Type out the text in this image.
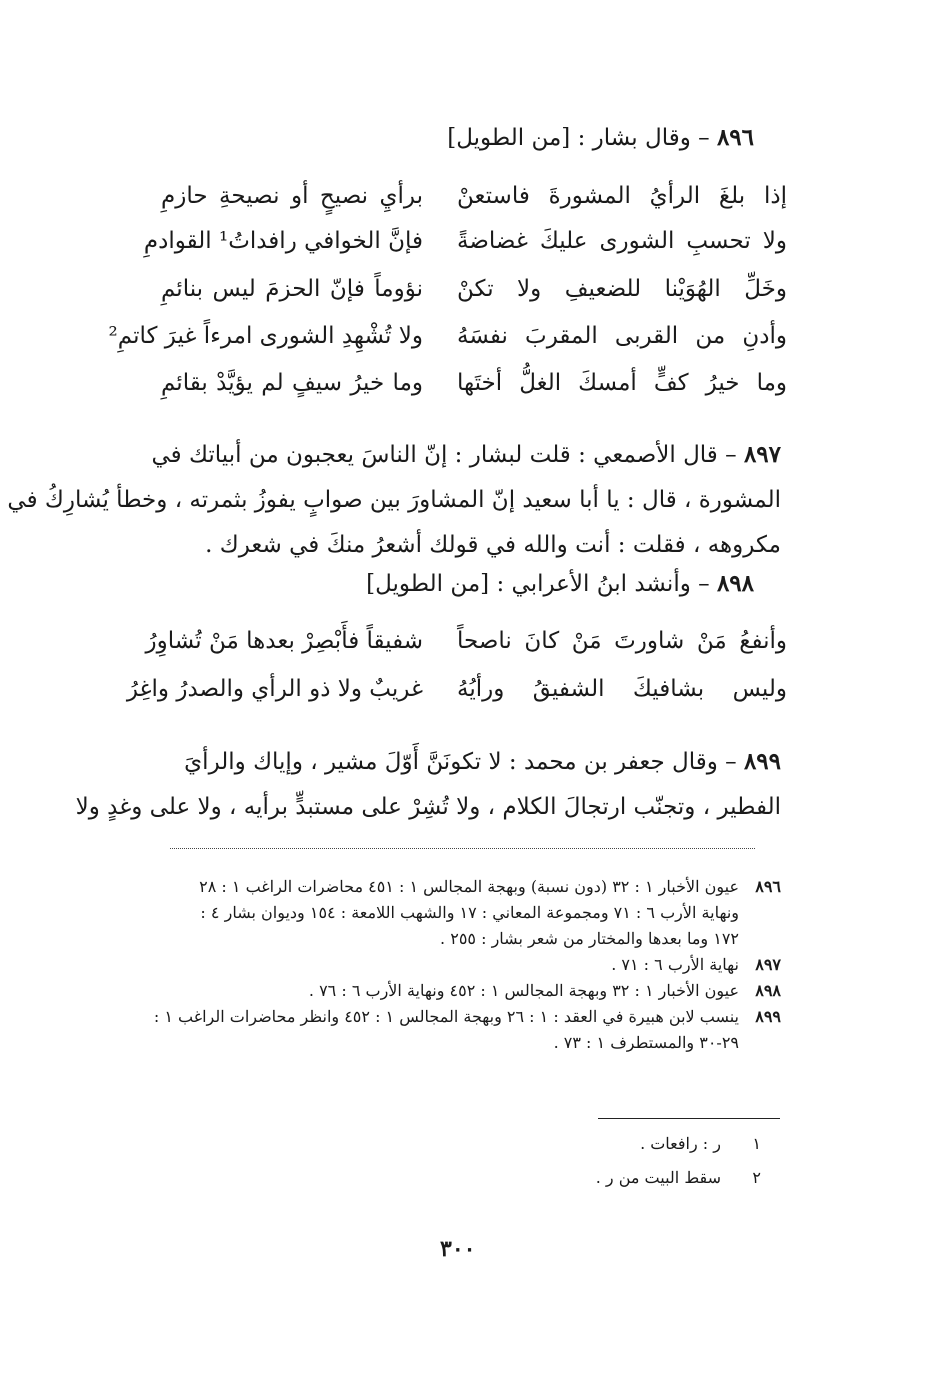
٨٩٦ – وقال بشار : [من الطويل]
إذا بلغَ الرأيُ المشورةَ فاستعنْ
برأيِ نصيحٍ أو نصيحةِ حازمِ
ولا تحسبِ الشورى عليكَ غضاضةً
فإنَّ الخوافي رافداتُ¹ القوادمِ
وخَلِّ الهُوَيْنا للضعيفِ ولا تكنْ
نؤوماً فإنّ الحزمَ ليس بنائمِ
وأدنِ من القربى المقربَ نفسَهُ
ولا تُشْهِدِ الشورى امرءاً غيرَ كاتمِ²
وما خيرُ كفٍّ أمسكَ الغلُّ أختَها
وما خيرُ سيفٍ لم يؤيَّدْ بقائمِ
٨٩٧ – قال الأصمعي : قلت لبشار : إنّ الناسَ يعجبون من أبياتك في
المشورة ، قال : يا أبا سعيد إنّ المشاورَ بين صوابٍ يفوزُ بثمرته ، وخطأ يُشارِكُ في
مكروهه ، فقلت : أنت والله في قولك أشعرُ منكَ في شعرك .
٨٩٨ – وأنشد ابنُ الأعرابي : [من الطويل]
وأنفعُ مَنْ شاورتَ مَنْ كانَ ناصحاً
شفيقاً فأَبْصِرْ بعدها مَنْ تُشاوِرُ
وليس بشافيكَ الشفيقُ ورأيُهُ
غريبٌ ولا ذو الرأي والصدرُ واغِرُ
٨٩٩ – وقال جعفر بن محمد : لا تكونَنَّ أَوّلَ مشير ، وإياك والرأيَ
الفطير ، وتجنّب ارتجالَ الكلام ، ولا تُشِرْ على مستبدٍّ برأيه ، ولا على وغدٍ ولا
٨٩٦عيون الأخبار ١ : ٣٢ (دون نسبة) وبهجة المجالس ١ : ٤٥١ محاضرات الراغب ١ : ٢٨
ونهاية الأرب ٦ : ٧١ ومجموعة المعاني : ١٧ والشهب اللامعة : ١٥٤ وديوان بشار ٤ :
١٧٢ وما بعدها والمختار من شعر بشار : ٢٥٥ .
٨٩٧نهاية الأرب ٦ : ٧١ .
٨٩٨عيون الأخبار ١ : ٣٢ وبهجة المجالس ١ : ٤٥٢ ونهاية الأرب ٦ : ٧٦ .
٨٩٩ينسب لابن هبيرة في العقد : ١ : ٢٦ وبهجة المجالس ١ : ٤٥٢ وانظر محاضرات الراغب ١ :
٢٩-٣٠ والمستطرف ١ : ٧٣ .
١ر : رافعات .
٢سقط البيت من ر .
٣٠٠
